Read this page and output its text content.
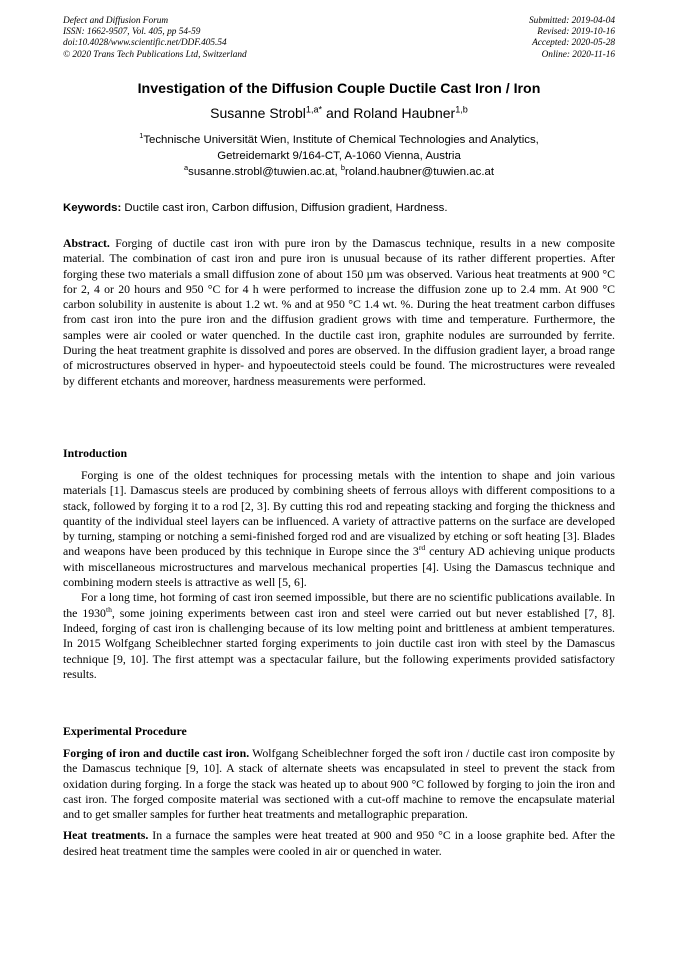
Defect and Diffusion Forum
ISSN: 1662-9507, Vol. 405, pp 54-59
doi:10.4028/www.scientific.net/DDF.405.54
© 2020 Trans Tech Publications Ltd, Switzerland
Submitted: 2019-04-04
Revised: 2019-10-16
Accepted: 2020-05-28
Online: 2020-11-16
Investigation of the Diffusion Couple Ductile Cast Iron / Iron
Susanne Strobl$^{1,a*}$ and Roland Haubner$^{1,b}$
$^1$Technische Universität Wien, Institute of Chemical Technologies and Analytics,
Getreidemarkt 9/164-CT, A-1060 Vienna, Austria
$^a$susanne.strobl@tuwien.ac.at, $^b$roland.haubner@tuwien.ac.at
Keywords: Ductile cast iron, Carbon diffusion, Diffusion gradient, Hardness.

Abstract. Forging of ductile cast iron with pure iron by the Damascus technique, results in a new composite material. The combination of cast iron and pure iron is unusual because of its rather different properties. After forging these two materials a small diffusion zone of about 150 µm was observed. Various heat treatments at 900 °C for 2, 4 or 20 hours and 950 °C for 4 h were performed to increase the diffusion zone up to 2.4 mm. At 900 °C carbon solubility in austenite is about 1.2 wt. % and at 950 °C 1.4 wt. %. During the heat treatment carbon diffuses from cast iron into the pure iron and the diffusion gradient grows with time and temperature. Furthermore, the samples were air cooled or water quenched. In the ductile cast iron, graphite nodules are surrounded by ferrite. During the heat treatment graphite is dissolved and pores are observed. In the diffusion gradient layer, a broad range of microstructures observed in hyper- and hypoeutectoid steels could be found. The microstructures were revealed by different etchants and moreover, hardness measurements were performed.

Introduction

Forging is one of the oldest techniques for processing metals with the intention to shape and join various materials [1]. Damascus steels are produced by combining sheets of ferrous alloys with different compositions to a stack, followed by forging it to a rod [2, 3]. By cutting this rod and repeating stacking and forging the thickness and quantity of the individual steel layers can be influenced. A variety of attractive patterns on the surface are developed by turning, stamping or notching a semi-finished forged rod and are visualized by etching or soft heating [3]. Blades and weapons have been produced by this technique in Europe since the 3rd century AD achieving unique products with miscellaneous microstructures and marvelous mechanical properties [4]. Using the Damascus technique and combining modern steels is attractive as well [5, 6].

For a long time, hot forming of cast iron seemed impossible, but there are no scientific publications available. In the 1930th, some joining experiments between cast iron and steel were carried out but never established [7, 8]. Indeed, forging of cast iron is challenging because of its low melting point and brittleness at ambient temperatures. In 2015 Wolfgang Scheiblechner started forging experiments to join ductile cast iron with steel by the Damascus technique [9, 10]. The first attempt was a spectacular failure, but the following experiments provided satisfactory results.

Experimental Procedure

Forging of iron and ductile cast iron. Wolfgang Scheiblechner forged the soft iron / ductile cast iron composite by the Damascus technique [9, 10]. A stack of alternate sheets was encapsulated in steel to prevent the stack from oxidation during forging. In a forge the stack was heated up to about 900 °C followed by forging to join the iron and cast iron. The forged composite material was sectioned with a cut-off machine to remove the encapsulate material and to get smaller samples for further heat treatments and metallographic preparation.

Heat treatments. In a furnace the samples were heat treated at 900 and 950 °C in a loose graphite bed. After the desired heat treatment time the samples were cooled in air or quenched in water.
